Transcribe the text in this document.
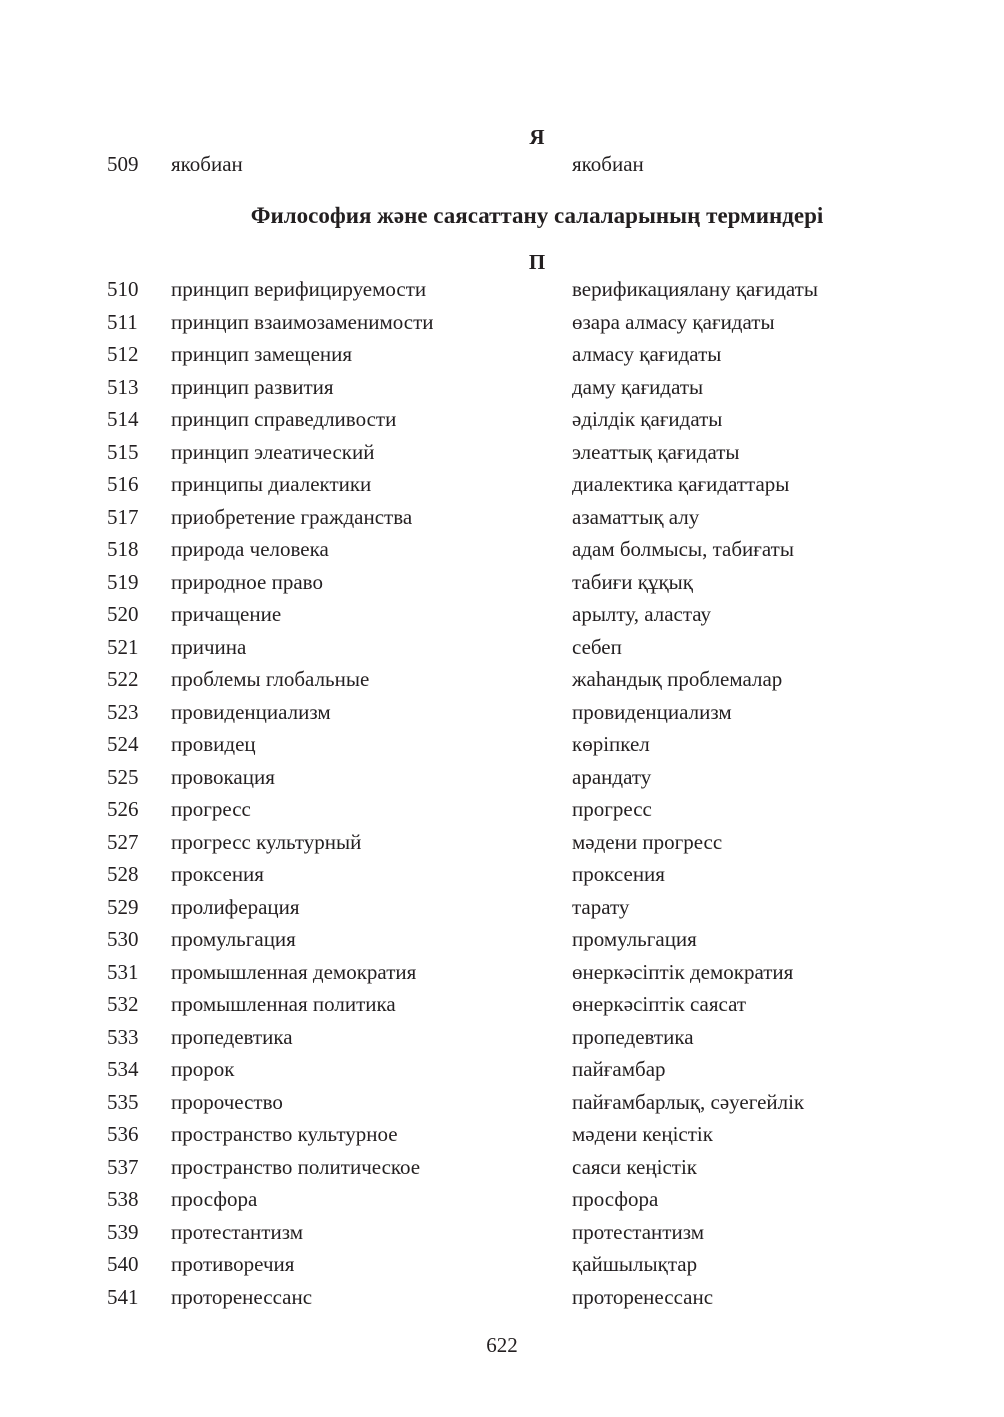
Я
509 якобиан	якобиан
Философия және саясаттану салаларының терминдері
П
510 принцип верифицируемости	верификациялану қағидаты
511 принцип взаимозаменимости	өзара алмасу қағидаты
512 принцип замещения	алмасу қағидаты
513 принцип развития	даму қағидаты
514 принцип справедливости	әділдік қағидаты
515 принцип элеатический	элеаттық қағидаты
516 принципы диалектики	диалектика қағидаттары
517 приобретение гражданства	азаматтық алу
518 природа человека	адам болмысы, табиғаты
519 природное право	табиғи құқық
520 причащение	арылту, аластау
521 причина	себеп
522 проблемы глобальные	жаһандық проблемалар
523 провиденциализм	провиденциализм
524 провидец	көріпкел
525 провокация	арандату
526 прогресс	прогресс
527 прогресс культурный	мәдени прогресс
528 проксения	проксения
529 пролиферация	тарату
530 промульгация	промульгация
531 промышленная демократия	өнеркәсіптік демократия
532 промышленная политика	өнеркәсіптік саясат
533 пропедевтика	пропедевтика
534 пророк	пайғамбар
535 пророчество	пайғамбарлық, сәуегейлік
536 пространство культурное	мәдени кеңістік
537 пространство политическое	саяси кеңістік
538 просфора	просфора
539 протестантизм	протестантизм
540 противоречия	қайшылықтар
541 проторенессанс	проторенессанс
622
